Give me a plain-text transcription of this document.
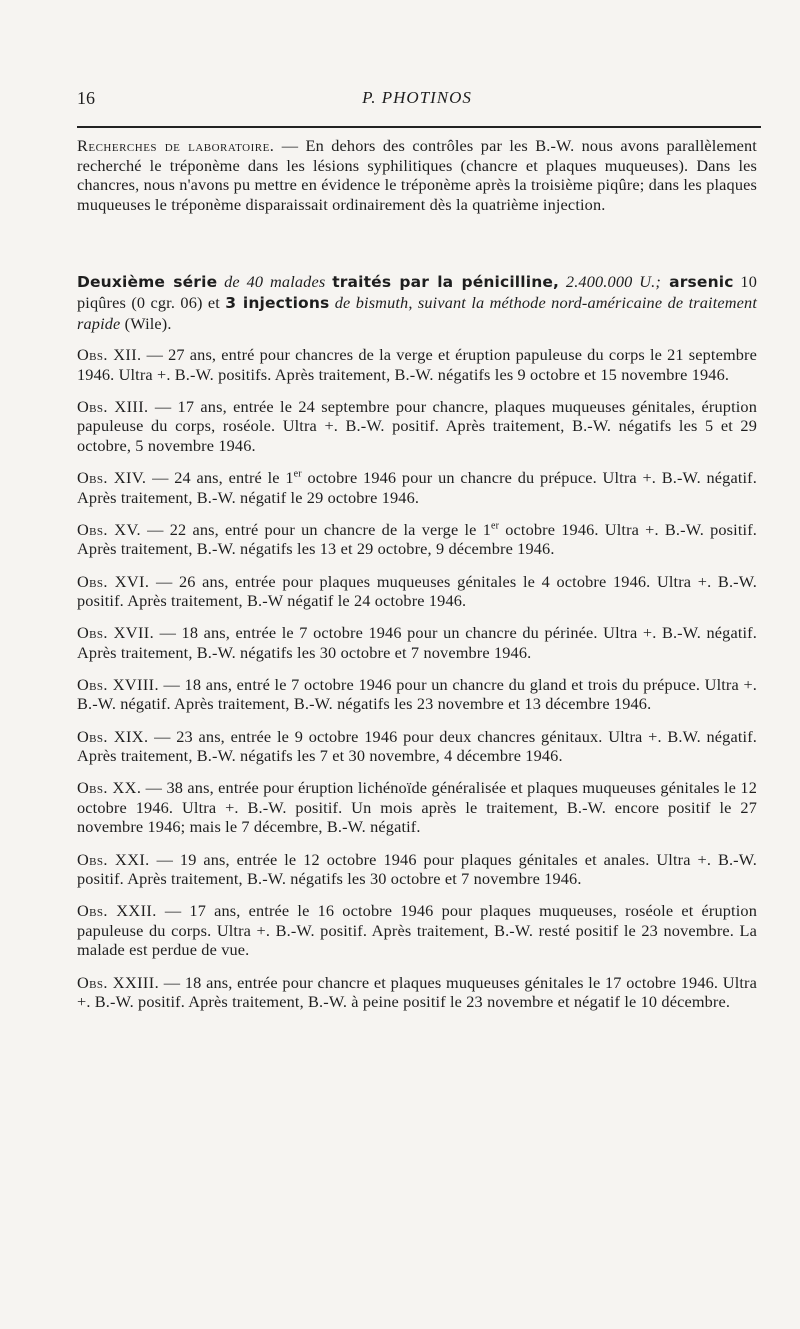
16	P. PHOTINOS

Recherches de laboratoire. — En dehors des contrôles par les B.-W. nous avons parallèlement recherché le tréponème dans les lésions syphilitiques (chancre et plaques muqueuses). Dans les chancres, nous n'avons pu mettre en évidence le tréponème après la troisième piqûre; dans les plaques muqueuses le tréponème disparaissait ordinairement dès la quatrième injection.

Deuxième série de 40 malades traités par la pénicilline, 2.400.000 U.; arsenic 10 piqûres (0 cgr. 06) et 3 injections de bismuth, suivant la méthode nord-américaine de traitement rapide (Wile).

Obs. XII. — 27 ans, entré pour chancres de la verge et éruption papuleuse du corps le 21 septembre 1946. Ultra +. B.-W. positifs. Après traitement, B.-W. négatifs les 9 octobre et 15 novembre 1946.

Obs. XIII. — 17 ans, entrée le 24 septembre pour chancre, plaques muqueuses génitales, éruption papuleuse du corps, roséole. Ultra +. B.-W. positif. Après traitement, B.-W. négatifs les 5 et 29 octobre, 5 novembre 1946.

Obs. XIV. — 24 ans, entré le 1er octobre 1946 pour un chancre du prépuce. Ultra +. B.-W. négatif. Après traitement, B.-W. négatif le 29 octobre 1946.

Obs. XV. — 22 ans, entré pour un chancre de la verge le 1er octobre 1946. Ultra +. B.-W. positif. Après traitement, B.-W. négatifs les 13 et 29 octobre, 9 décembre 1946.

Obs. XVI. — 26 ans, entrée pour plaques muqueuses génitales le 4 octobre 1946. Ultra +. B.-W. positif. Après traitement, B.-W négatif le 24 octobre 1946.

Obs. XVII. — 18 ans, entrée le 7 octobre 1946 pour un chancre du périnée. Ultra +. B.-W. négatif. Après traitement, B.-W. négatifs les 30 octobre et 7 novembre 1946.

Obs. XVIII. — 18 ans, entré le 7 octobre 1946 pour un chancre du gland et trois du prépuce. Ultra +. B.-W. négatif. Après traitement, B.-W. négatifs les 23 novembre et 13 décembre 1946.

Obs. XIX. — 23 ans, entrée le 9 octobre 1946 pour deux chancres génitaux. Ultra +. B.W. négatif. Après traitement, B.-W. négatifs les 7 et 30 novembre, 4 décembre 1946.

Obs. XX. — 38 ans, entrée pour éruption lichénoïde généralisée et plaques muqueuses génitales le 12 octobre 1946. Ultra +. B.-W. positif. Un mois après le traitement, B.-W. encore positif le 27 novembre 1946; mais le 7 décembre, B.-W. négatif.

Obs. XXI. — 19 ans, entrée le 12 octobre 1946 pour plaques génitales et anales. Ultra +. B.-W. positif. Après traitement, B.-W. négatifs les 30 octobre et 7 novembre 1946.

Obs. XXII. — 17 ans, entrée le 16 octobre 1946 pour plaques muqueuses, roséole et éruption papuleuse du corps. Ultra +. B.-W. positif. Après traitement, B.-W. resté positif le 23 novembre. La malade est perdue de vue.

Obs. XXIII. — 18 ans, entrée pour chancre et plaques muqueuses génitales le 17 octobre 1946. Ultra +. B.-W. positif. Après traitement, B.-W. à peine positif le 23 novembre et négatif le 10 décembre.
